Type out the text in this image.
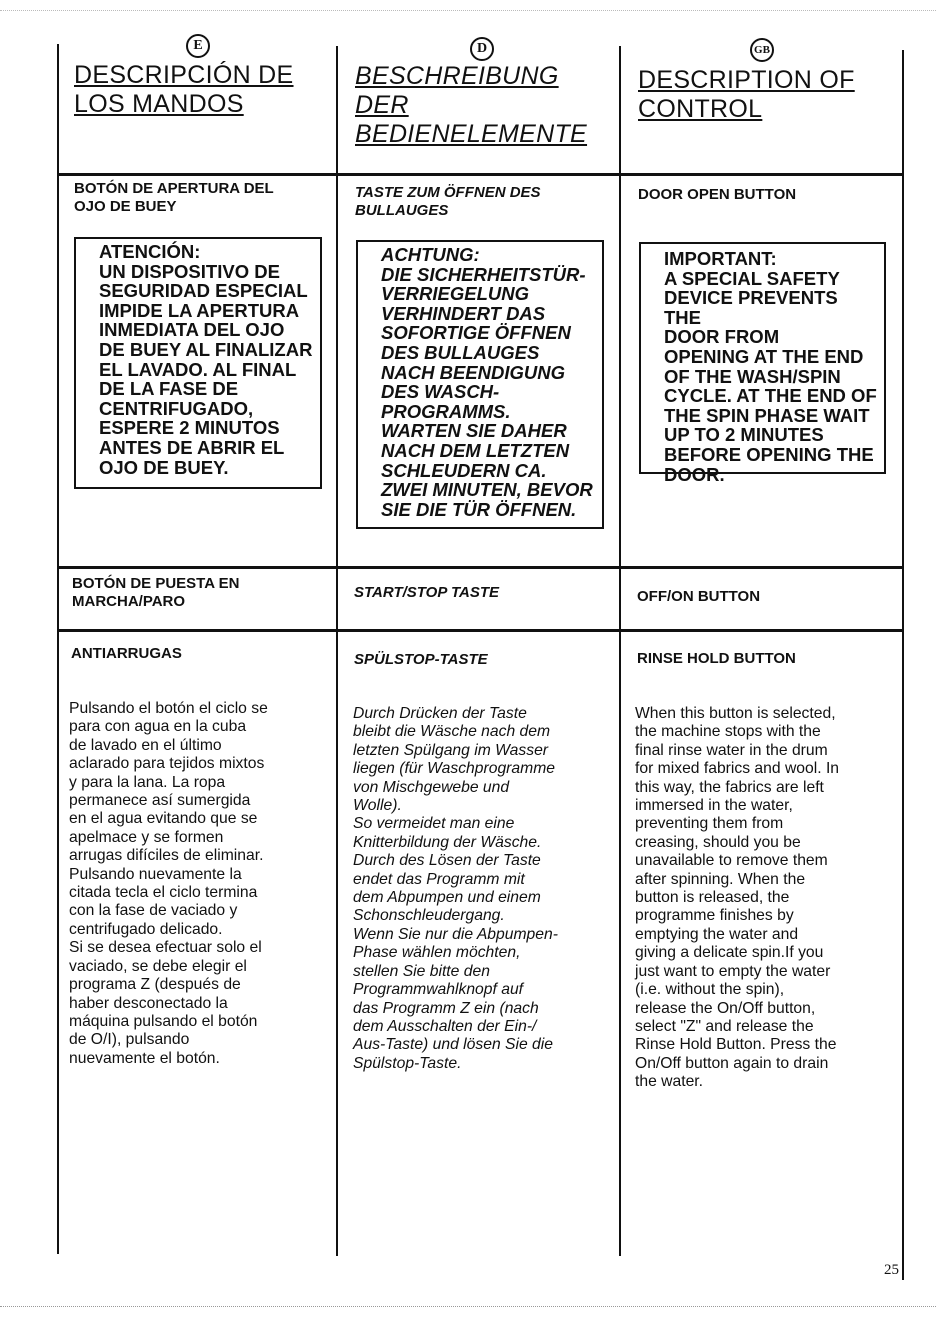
E
DESCRIPCIÓN DE
LOS MANDOS
BOTÓN DE APERTURA DEL
OJO DE BUEY
ATENCIÓN:
UN DISPOSITIVO DE
SEGURIDAD ESPECIAL
IMPIDE LA APERTURA
INMEDIATA DEL OJO
DE BUEY AL FINALIZAR
EL LAVADO. AL FINAL
DE LA FASE DE
CENTRIFUGADO,
ESPERE 2 MINUTOS
ANTES DE ABRIR EL
OJO DE BUEY.
BOTÓN DE PUESTA EN
MARCHA/PARO
ANTIARRUGAS
Pulsando el botón el ciclo se
para con agua en la cuba
de lavado en el último
aclarado para tejidos mixtos
y para la lana. La ropa
permanece así sumergida
en el agua evitando que se
apelmace y se formen
arrugas difíciles de eliminar.
Pulsando nuevamente la
citada tecla el ciclo termina
con la fase de vaciado y
centrifugado delicado.
Si se desea efectuar solo el
vaciado, se debe elegir el
programa Z (después de
haber desconectado la
máquina pulsando el botón
de O/I), pulsando
nuevamente el botón.
D
BESCHREIBUNG
DER
BEDIENELEMENTE
TASTE ZUM ÖFFNEN DES
BULLAUGES
ACHTUNG:
DIE SICHERHEITSTÜR-
VERRIEGELUNG
VERHINDERT DAS
SOFORTIGE ÖFFNEN
DES BULLAUGES
NACH BEENDIGUNG
DES WASCH-
PROGRAMMS.
WARTEN SIE DAHER
NACH DEM LETZTEN
SCHLEUDERN CA.
ZWEI MINUTEN, BEVOR
SIE DIE TÜR ÖFFNEN.
START/STOP TASTE
SPÜLSTOP-TASTE
Durch Drücken der Taste
bleibt die Wäsche nach dem
letzten Spülgang im Wasser
liegen (für Waschprogramme
von Mischgewebe und
Wolle).
So vermeidet man eine
Knitterbildung der Wäsche.
Durch des Lösen der Taste
endet das Programm mit
dem Abpumpen und einem
Schonschleudergang.
Wenn Sie nur die Abpumpen-
Phase wählen möchten,
stellen Sie bitte den
Programmwahlknopf auf
das Programm Z ein (nach
dem Ausschalten der Ein-/
Aus-Taste) und lösen Sie die
Spülstop-Taste.
GB
DESCRIPTION OF
CONTROL
DOOR OPEN BUTTON
IMPORTANT:
A SPECIAL SAFETY
DEVICE PREVENTS THE
DOOR FROM
OPENING AT THE END
OF THE WASH/SPIN
CYCLE. AT THE END OF
THE SPIN PHASE WAIT
UP TO 2 MINUTES
BEFORE OPENING THE
DOOR.
OFF/ON BUTTON
RINSE HOLD BUTTON
When this button is selected,
the machine stops with the
final rinse water in the drum
for mixed fabrics and wool. In
this way, the fabrics are left
immersed in the water,
preventing them from
creasing, should you be
unavailable to remove them
after spinning. When the
button is released, the
programme finishes by
emptying the water and
giving a delicate spin.If you
just want to empty the water
(i.e. without the spin),
release the On/Off button,
select "Z" and release the
Rinse Hold Button. Press the
On/Off button again to drain
the water.
25
